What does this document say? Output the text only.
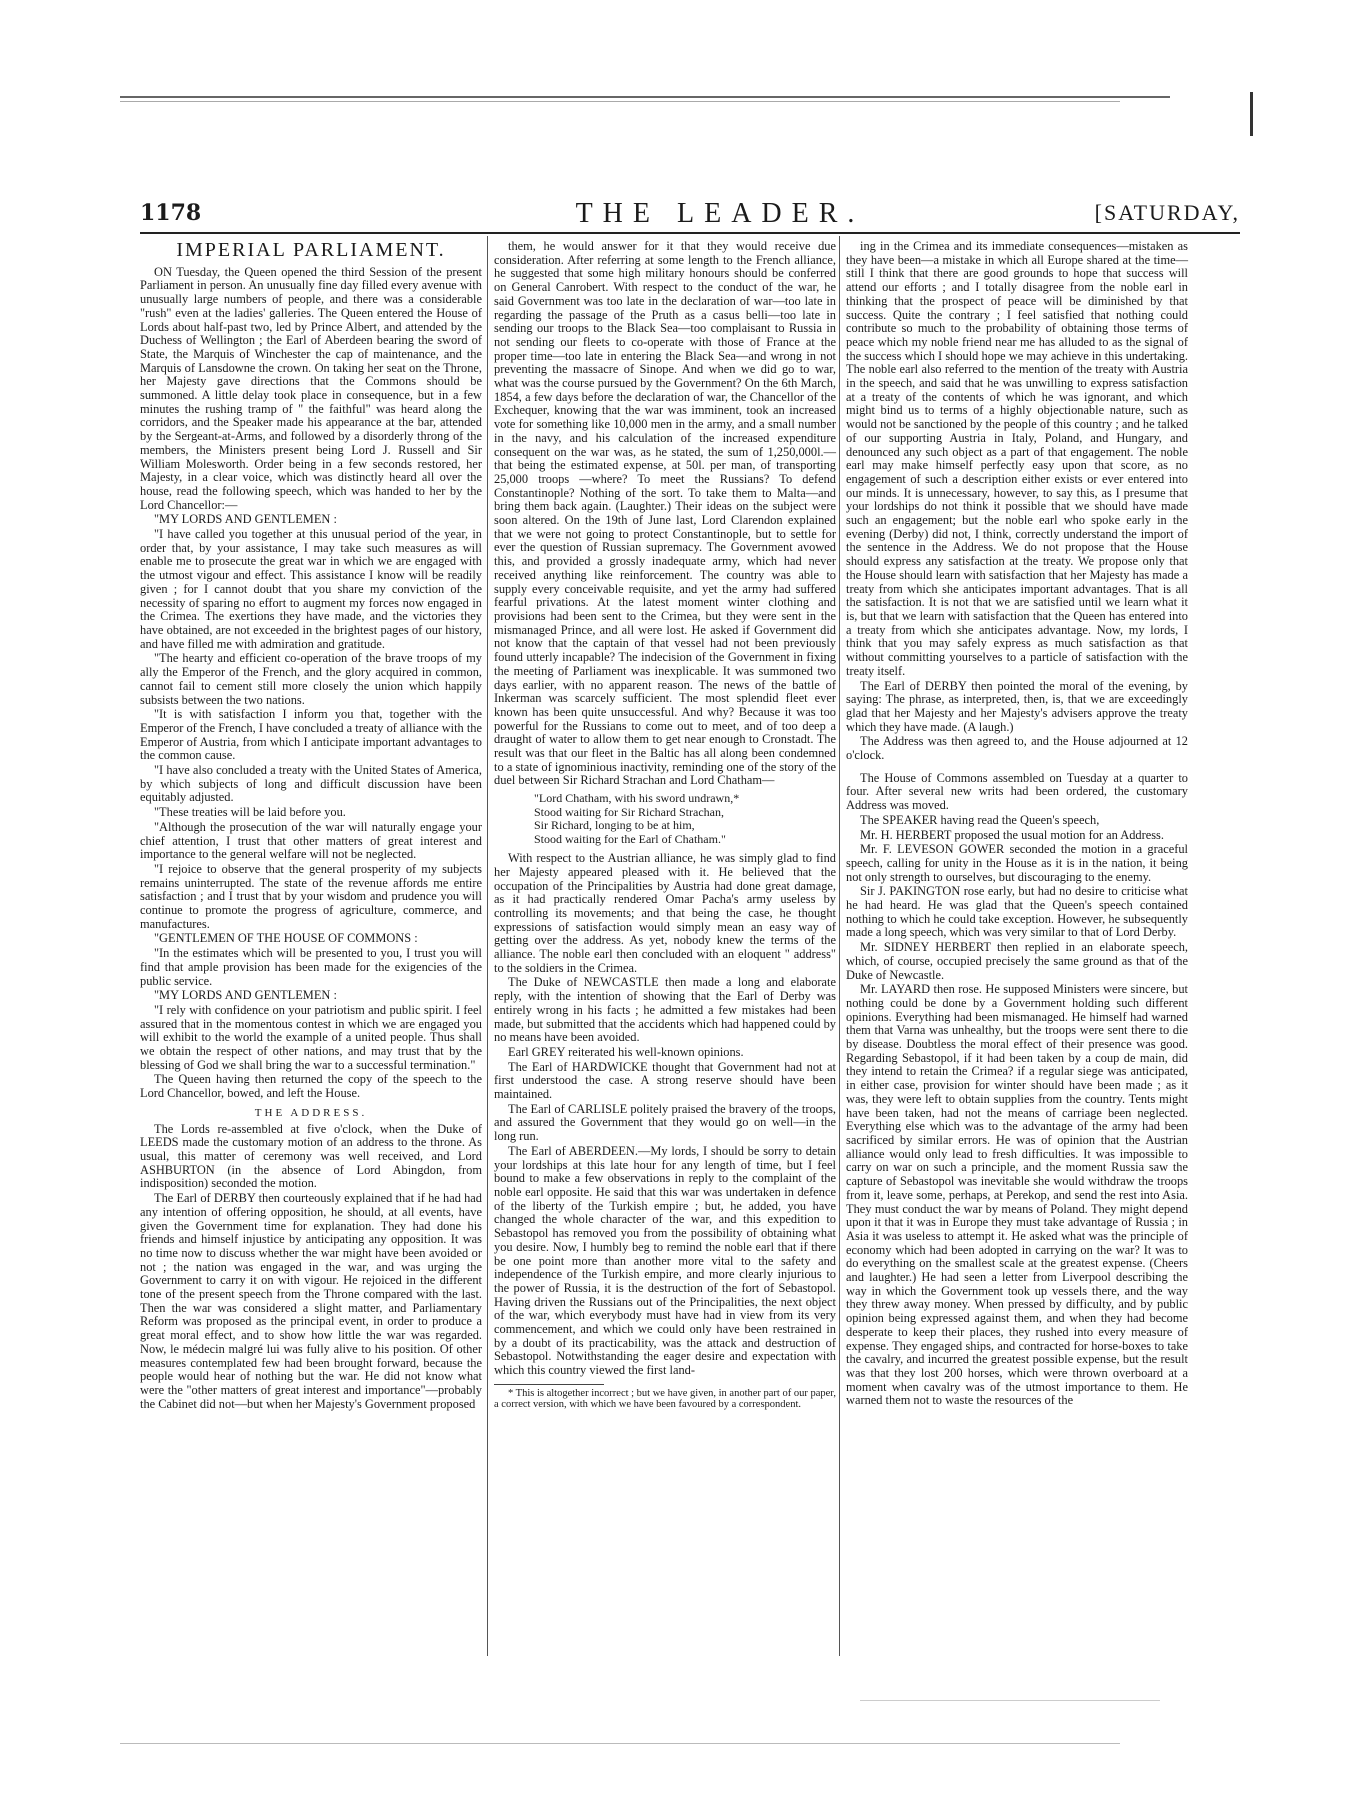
1178	THE LEADER.	[SATURDAY,
IMPERIAL PARLIAMENT.

ON Tuesday, the Queen opened the third Session of the present Parliament in person. An unusually fine day filled every avenue with unusually large numbers of people, and there was a considerable "rush" even at the ladies' galleries. The Queen entered the House of Lords about half-past two, led by Prince Albert, and attended by the Duchess of Wellington ; the Earl of Aberdeen bearing the sword of State, the Marquis of Winchester the cap of maintenance, and the Marquis of Lansdowne the crown. On taking her seat on the Throne, her Majesty gave directions that the Commons should be summoned. A little delay took place in consequence, but in a few minutes the rushing tramp of " the faithful" was heard along the corridors, and the Speaker made his appearance at the bar, attended by the Sergeant-at-Arms, and followed by a disorderly throng of the members, the Ministers present being Lord J. Russell and Sir William Molesworth. Order being in a few seconds restored, her Majesty, in a clear voice, which was distinctly heard all over the house, read the following speech, which was handed to her by the Lord Chancellor:—

"MY LORDS AND GENTLEMEN :

"I have called you together at this unusual period of the year, in order that, by your assistance, I may take such measures as will enable me to prosecute the great war in which we are engaged with the utmost vigour and effect. This assistance I know will be readily given ; for I cannot doubt that you share my conviction of the necessity of sparing no effort to augment my forces now engaged in the Crimea. The exertions they have made, and the victories they have obtained, are not exceeded in the brightest pages of our history, and have filled me with admiration and gratitude.

"The hearty and efficient co-operation of the brave troops of my ally the Emperor of the French, and the glory acquired in common, cannot fail to cement still more closely the union which happily subsists between the two nations.

"It is with satisfaction I inform you that, together with the Emperor of the French, I have concluded a treaty of alliance with the Emperor of Austria, from which I anticipate important advantages to the common cause.

"I have also concluded a treaty with the United States of America, by which subjects of long and difficult discussion have been equitably adjusted.

"These treaties will be laid before you.

"Although the prosecution of the war will naturally engage your chief attention, I trust that other matters of great interest and importance to the general welfare will not be neglected.

"I rejoice to observe that the general prosperity of my subjects remains uninterrupted. The state of the revenue affords me entire satisfaction ; and I trust that by your wisdom and prudence you will continue to promote the progress of agriculture, commerce, and manufactures.

"GENTLEMEN OF THE HOUSE OF COMMONS :

"In the estimates which will be presented to you, I trust you will find that ample provision has been made for the exigencies of the public service.

"MY LORDS AND GENTLEMEN :

"I rely with confidence on your patriotism and public spirit. I feel assured that in the momentous contest in which we are engaged you will exhibit to the world the example of a united people. Thus shall we obtain the respect of other nations, and may trust that by the blessing of God we shall bring the war to a successful termination."

The Queen having then returned the copy of the speech to the Lord Chancellor, bowed, and left the House.

THE ADDRESS.

The Lords re-assembled at five o'clock, when the Duke of LEEDS made the customary motion of an address to the throne. As usual, this matter of ceremony was well received, and Lord ASHBURTON (in the absence of Lord Abingdon, from indisposition) seconded the motion.

The Earl of DERBY then courteously explained that if he had had any intention of offering opposition, he should, at all events, have given the Government time for explanation. They had done his friends and himself injustice by anticipating any opposition. It was no time now to discuss whether the war might have been avoided or not ; the nation was engaged in the war, and was urging the Government to carry it on with vigour. He rejoiced in the different tone of the present speech from the Throne compared with the last. Then the war was considered a slight matter, and Parliamentary Reform was proposed as the principal event, in order to produce a great moral effect, and to show how little the war was regarded. Now, le médecin malgré lui was fully alive to his position. Of other measures contemplated few had been brought forward, because the people would hear of nothing but the war. He did not know what were the "other matters of great interest and importance"—probably the Cabinet did not—but when her Majesty's Government proposed

them, he would answer for it that they would receive due consideration. After referring at some length to the French alliance, he suggested that some high military honours should be conferred on General Canrobert. With respect to the conduct of the war, he said Government was too late in the declaration of war—too late in regarding the passage of the Pruth as a casus belli—too late in sending our troops to the Black Sea—too complaisant to Russia in not sending our fleets to co-operate with those of France at the proper time—too late in entering the Black Sea—and wrong in not preventing the massacre of Sinope. And when we did go to war, what was the course pursued by the Government? On the 6th March, 1854, a few days before the declaration of war, the Chancellor of the Exchequer, knowing that the war was imminent, took an increased vote for something like 10,000 men in the army, and a small number in the navy, and his calculation of the increased expenditure consequent on the war was, as he stated, the sum of 1,250,000l.—that being the estimated expense, at 50l. per man, of transporting 25,000 troops —where? To meet the Russians? To defend Constantinople? Nothing of the sort. To take them to Malta—and bring them back again. (Laughter.) Their ideas on the subject were soon altered. On the 19th of June last, Lord Clarendon explained that we were not going to protect Constantinople, but to settle for ever the question of Russian supremacy. The Government avowed this, and provided a grossly inadequate army, which had never received anything like reinforcement. The country was able to supply every conceivable requisite, and yet the army had suffered fearful privations. At the latest moment winter clothing and provisions had been sent to the Crimea, but they were sent in the mismanaged Prince, and all were lost. He asked if Government did not know that the captain of that vessel had not been previously found utterly incapable? The indecision of the Government in fixing the meeting of Parliament was inexplicable. It was summoned two days earlier, with no apparent reason. The news of the battle of Inkerman was scarcely sufficient. The most splendid fleet ever known has been quite unsuccessful. And why? Because it was too powerful for the Russians to come out to meet, and of too deep a draught of water to allow them to get near enough to Cronstadt. The result was that our fleet in the Baltic has all along been condemned to a state of ignominious inactivity, reminding one of the story of the duel between Sir Richard Strachan and Lord Chatham—

"Lord Chatham, with his sword undrawn,*
Stood waiting for Sir Richard Strachan,
Sir Richard, longing to be at him,
Stood waiting for the Earl of Chatham."

With respect to the Austrian alliance, he was simply glad to find her Majesty appeared pleased with it. He believed that the occupation of the Principalities by Austria had done great damage, as it had practically rendered Omar Pacha's army useless by controlling its movements; and that being the case, he thought expressions of satisfaction would simply mean an easy way of getting over the address. As yet, nobody knew the terms of the alliance. The noble earl then concluded with an eloquent " address" to the soldiers in the Crimea.

The Duke of NEWCASTLE then made a long and elaborate reply, with the intention of showing that the Earl of Derby was entirely wrong in his facts ; he admitted a few mistakes had been made, but submitted that the accidents which had happened could by no means have been avoided.

Earl GREY reiterated his well-known opinions.

The Earl of HARDWICKE thought that Government had not at first understood the case. A strong reserve should have been maintained.

The Earl of CARLISLE politely praised the bravery of the troops, and assured the Government that they would go on well—in the long run.

The Earl of ABERDEEN.—My lords, I should be sorry to detain your lordships at this late hour for any length of time, but I feel bound to make a few observations in reply to the complaint of the noble earl opposite. He said that this war was undertaken in defence of the liberty of the Turkish empire ; but, he added, you have changed the whole character of the war, and this expedition to Sebastopol has removed you from the possibility of obtaining what you desire. Now, I humbly beg to remind the noble earl that if there be one point more than another more vital to the safety and independence of the Turkish empire, and more clearly injurious to the power of Russia, it is the destruction of the fort of Sebastopol. Having driven the Russians out of the Principalities, the next object of the war, which everybody must have had in view from its very commencement, and which we could only have been restrained in by a doubt of its practicability, was the attack and destruction of Sebastopol. Notwithstanding the eager desire and expectation with which this country viewed the first land-

* This is altogether incorrect ; but we have given, in another part of our paper, a correct version, with which we have been favoured by a correspondent.

ing in the Crimea and its immediate consequences—mistaken as they have been—a mistake in which all Europe shared at the time—still I think that there are good grounds to hope that success will attend our efforts ; and I totally disagree from the noble earl in thinking that the prospect of peace will be diminished by that success. Quite the contrary ; I feel satisfied that nothing could contribute so much to the probability of obtaining those terms of peace which my noble friend near me has alluded to as the signal of the success which I should hope we may achieve in this undertaking. The noble earl also referred to the mention of the treaty with Austria in the speech, and said that he was unwilling to express satisfaction at a treaty of the contents of which he was ignorant, and which might bind us to terms of a highly objectionable nature, such as would not be sanctioned by the people of this country ; and he talked of our supporting Austria in Italy, Poland, and Hungary, and denounced any such object as a part of that engagement. The noble earl may make himself perfectly easy upon that score, as no engagement of such a description either exists or ever entered into our minds. It is unnecessary, however, to say this, as I presume that your lordships do not think it possible that we should have made such an engagement; but the noble earl who spoke early in the evening (Derby) did not, I think, correctly understand the import of the sentence in the Address. We do not propose that the House should express any satisfaction at the treaty. We propose only that the House should learn with satisfaction that her Majesty has made a treaty from which she anticipates important advantages. That is all the satisfaction. It is not that we are satisfied until we learn what it is, but that we learn with satisfaction that the Queen has entered into a treaty from which she anticipates advantage. Now, my lords, I think that you may safely express as much satisfaction as that without committing yourselves to a particle of satisfaction with the treaty itself.

The Earl of DERBY then pointed the moral of the evening, by saying: The phrase, as interpreted, then, is, that we are exceedingly glad that her Majesty and her Majesty's advisers approve the treaty which they have made. (A laugh.)

The Address was then agreed to, and the House adjourned at 12 o'clock.

The House of Commons assembled on Tuesday at a quarter to four. After several new writs had been ordered, the customary Address was moved.

The SPEAKER having read the Queen's speech,

Mr. H. HERBERT proposed the usual motion for an Address.

Mr. F. LEVESON GOWER seconded the motion in a graceful speech, calling for unity in the House as it is in the nation, it being not only strength to ourselves, but discouraging to the enemy.

Sir J. PAKINGTON rose early, but had no desire to criticise what he had heard. He was glad that the Queen's speech contained nothing to which he could take exception. However, he subsequently made a long speech, which was very similar to that of Lord Derby.

Mr. SIDNEY HERBERT then replied in an elaborate speech, which, of course, occupied precisely the same ground as that of the Duke of Newcastle.

Mr. LAYARD then rose. He supposed Ministers were sincere, but nothing could be done by a Government holding such different opinions. Everything had been mismanaged. He himself had warned them that Varna was unhealthy, but the troops were sent there to die by disease. Doubtless the moral effect of their presence was good. Regarding Sebastopol, if it had been taken by a coup de main, did they intend to retain the Crimea? if a regular siege was anticipated, in either case, provision for winter should have been made ; as it was, they were left to obtain supplies from the country. Tents might have been taken, had not the means of carriage been neglected. Everything else which was to the advantage of the army had been sacrificed by similar errors. He was of opinion that the Austrian alliance would only lead to fresh difficulties. It was impossible to carry on war on such a principle, and the moment Russia saw the capture of Sebastopol was inevitable she would withdraw the troops from it, leave some, perhaps, at Perekop, and send the rest into Asia. They must conduct the war by means of Poland. They might depend upon it that it was in Europe they must take advantage of Russia ; in Asia it was useless to attempt it. He asked what was the principle of economy which had been adopted in carrying on the war? It was to do everything on the smallest scale at the greatest expense. (Cheers and laughter.) He had seen a letter from Liverpool describing the way in which the Government took up vessels there, and the way they threw away money. When pressed by difficulty, and by public opinion being expressed against them, and when they had become desperate to keep their places, they rushed into every measure of expense. They engaged ships, and contracted for horse-boxes to take the cavalry, and incurred the greatest possible expense, but the result was that they lost 200 horses, which were thrown overboard at a moment when cavalry was of the utmost importance to them. He warned them not to waste the resources of the
